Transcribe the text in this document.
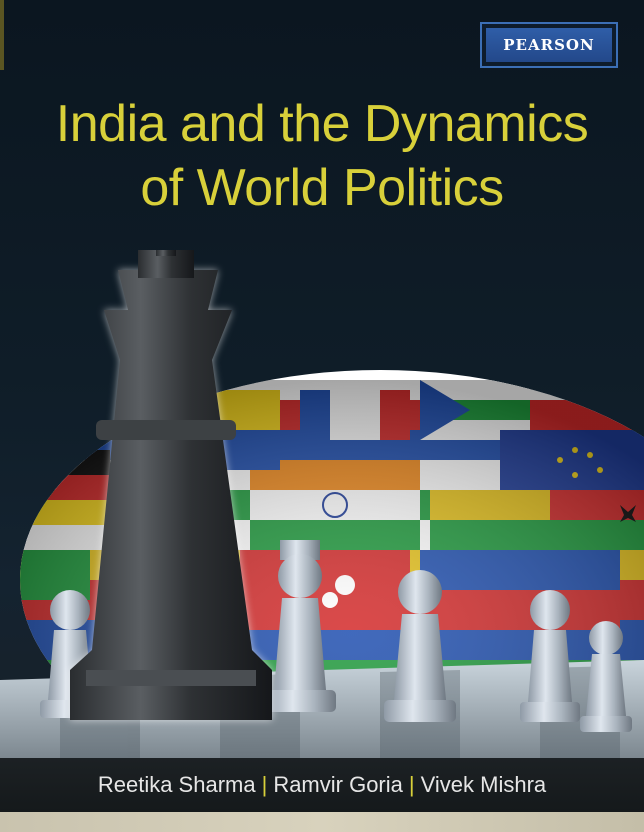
PEARSON
India and the Dynamics
of World Politics
Reetika Sharma | Ramvir Goria | Vivek Mishra
